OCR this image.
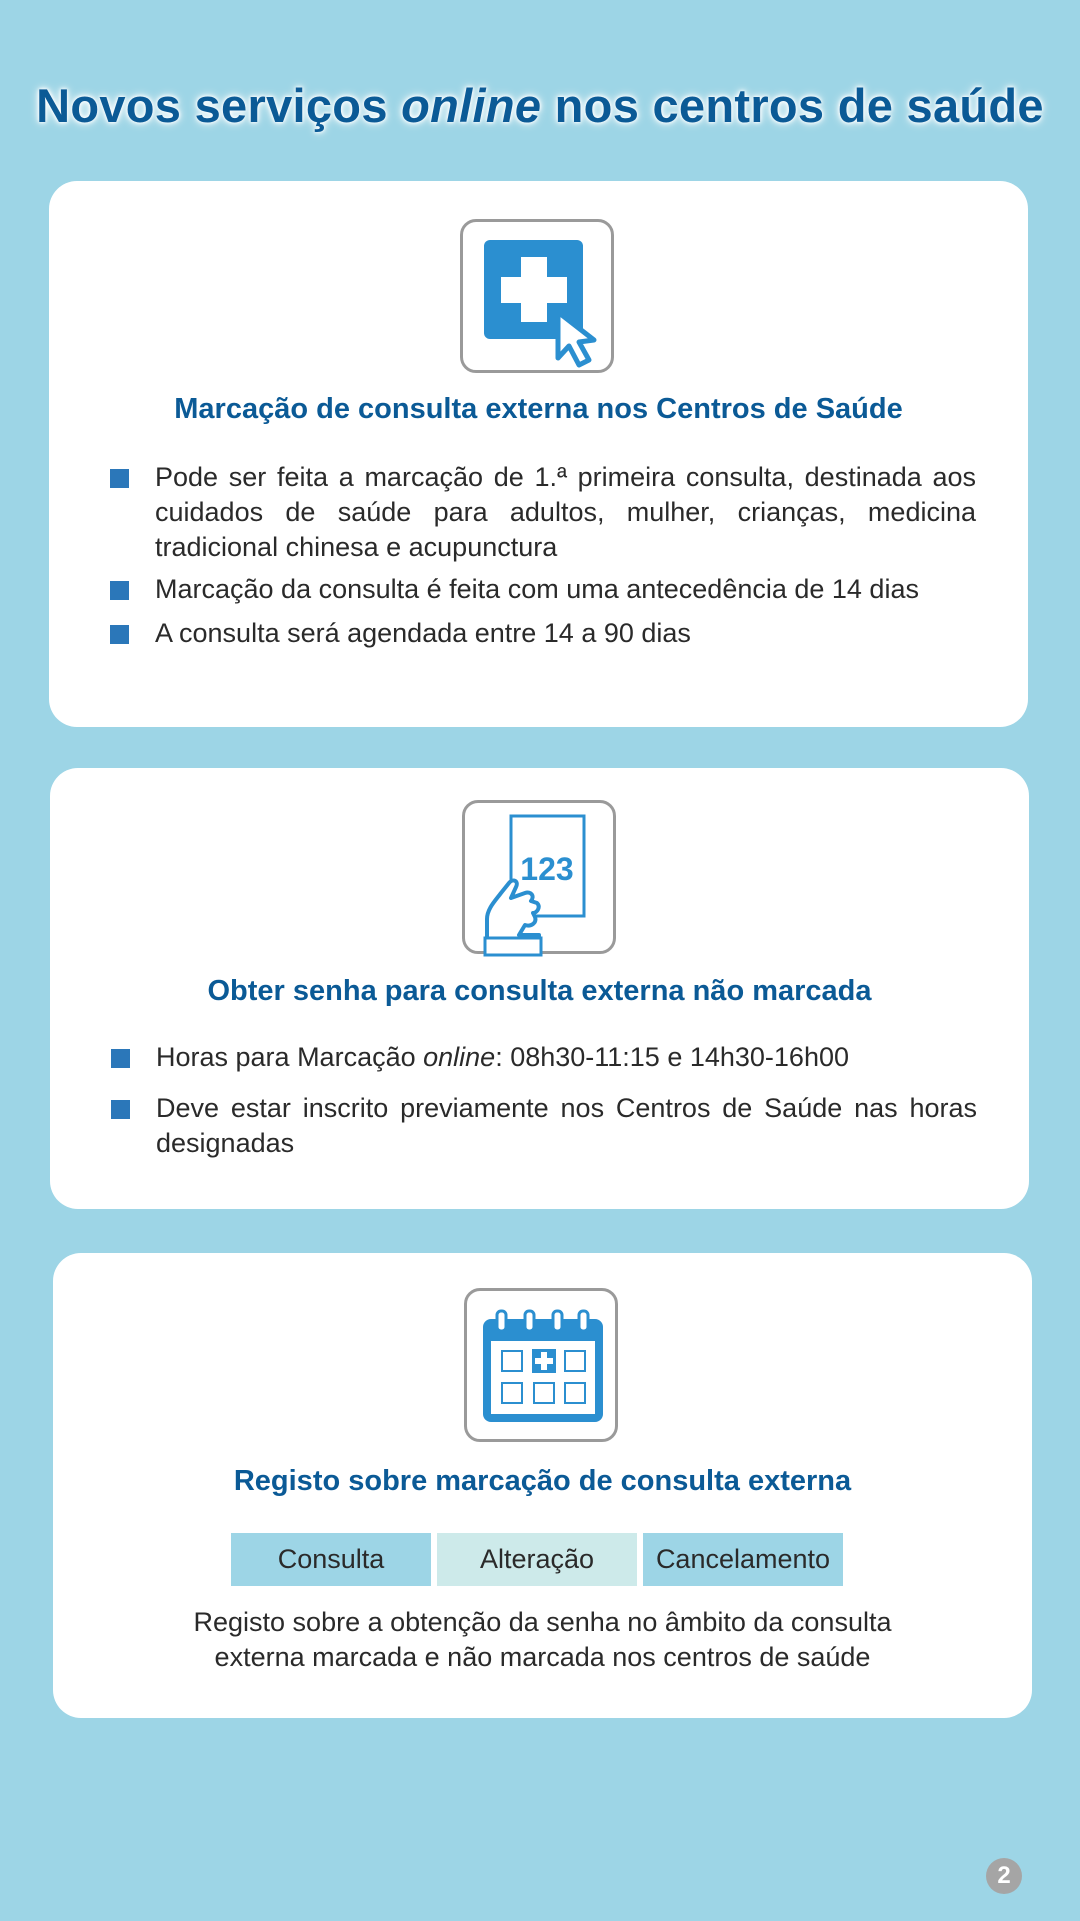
Novos serviços online nos centros de saúde
Marcação de consulta externa nos Centros de Saúde
Pode ser feita a marcação de 1.ª primeira consulta, destinada aos cuidados de saúde para adultos, mulher, crianças, medicina tradicional chinesa e acupunctura
Marcação da consulta é feita com uma antecedência de 14 dias
A consulta será agendada entre 14 a 90 dias
123
Obter senha para consulta externa não marcada
Horas para Marcação online: 08h30-11:15 e 14h30-16h00
Deve estar inscrito previamente nos Centros de Saúde nas horas designadas
Registo sobre marcação de consulta externa
Consulta	Alteração	Cancelamento

Registo sobre a obtenção da senha no âmbito da consulta
externa marcada e não marcada nos centros de saúde

2
